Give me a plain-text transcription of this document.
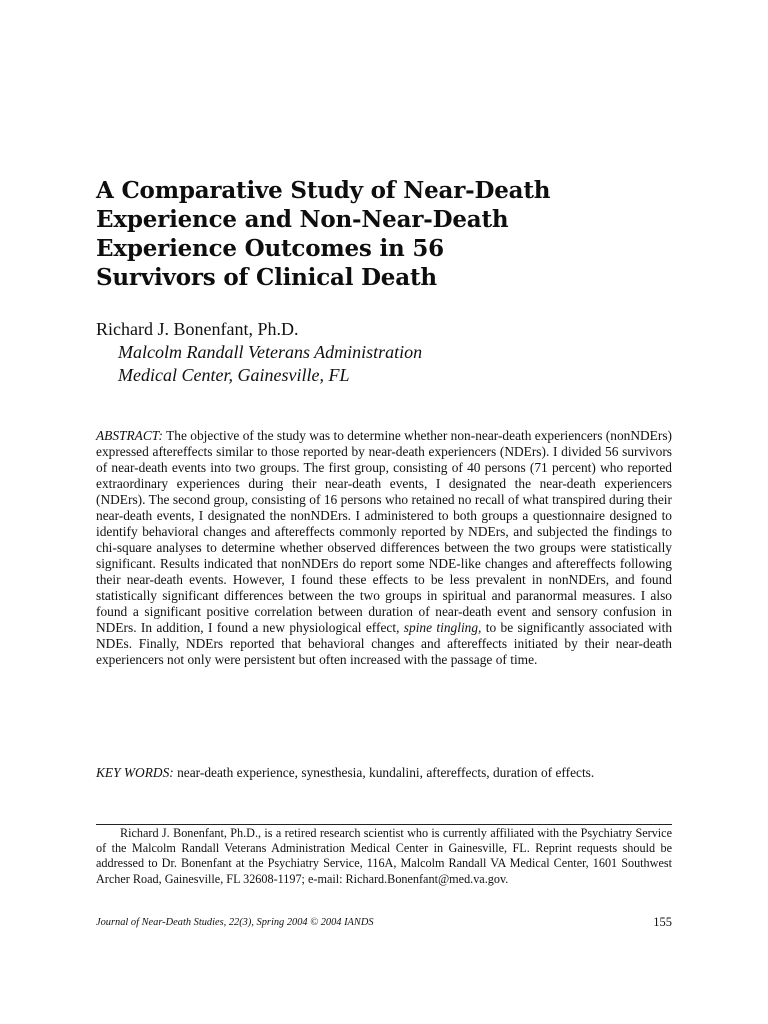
A Comparative Study of Near-Death
Experience and Non-Near-Death
Experience Outcomes in 56
Survivors of Clinical Death

Richard J. Bonenfant, Ph.D.

Malcolm Randall Veterans Administration
Medical Center, Gainesville, FL

ABSTRACT: The objective of the study was to determine whether non-near-death experiencers (nonNDErs) expressed aftereffects similar to those reported by near-death experiencers (NDErs). I divided 56 survivors of near-death events into two groups. The first group, consisting of 40 persons (71 percent) who reported extraordinary experiences during their near-death events, I designated the near-death experiencers (NDErs). The second group, consisting of 16 persons who retained no recall of what transpired during their near-death events, I designated the nonNDErs. I administered to both groups a questionnaire designed to identify behavioral changes and aftereffects commonly reported by NDErs, and subjected the findings to chi-square analyses to determine whether observed differences between the two groups were statistically significant. Results indicated that nonNDErs do report some NDE-like changes and aftereffects following their near-death events. However, I found these effects to be less prevalent in nonNDErs, and found statistically significant differences between the two groups in spiritual and paranormal measures. I also found a significant positive correlation between duration of near-death event and sensory confusion in NDErs. In addition, I found a new physiological effect, spine tingling, to be significantly associated with NDEs. Finally, NDErs reported that behavioral changes and aftereffects initiated by their near-death experiencers not only were persistent but often increased with the passage of time.

KEY WORDS: near-death experience, synesthesia, kundalini, aftereffects, duration of effects.

Richard J. Bonenfant, Ph.D., is a retired research scientist who is currently affiliated with the Psychiatry Service of the Malcolm Randall Veterans Administration Medical Center in Gainesville, FL. Reprint requests should be addressed to Dr. Bonenfant at the Psychiatry Service, 116A, Malcolm Randall VA Medical Center, 1601 Southwest Archer Road, Gainesville, FL 32608-1197; e-mail: Richard.Bonenfant@med.va.gov.

Journal of Near-Death Studies, 22(3), Spring 2004 © 2004 IANDS	155
